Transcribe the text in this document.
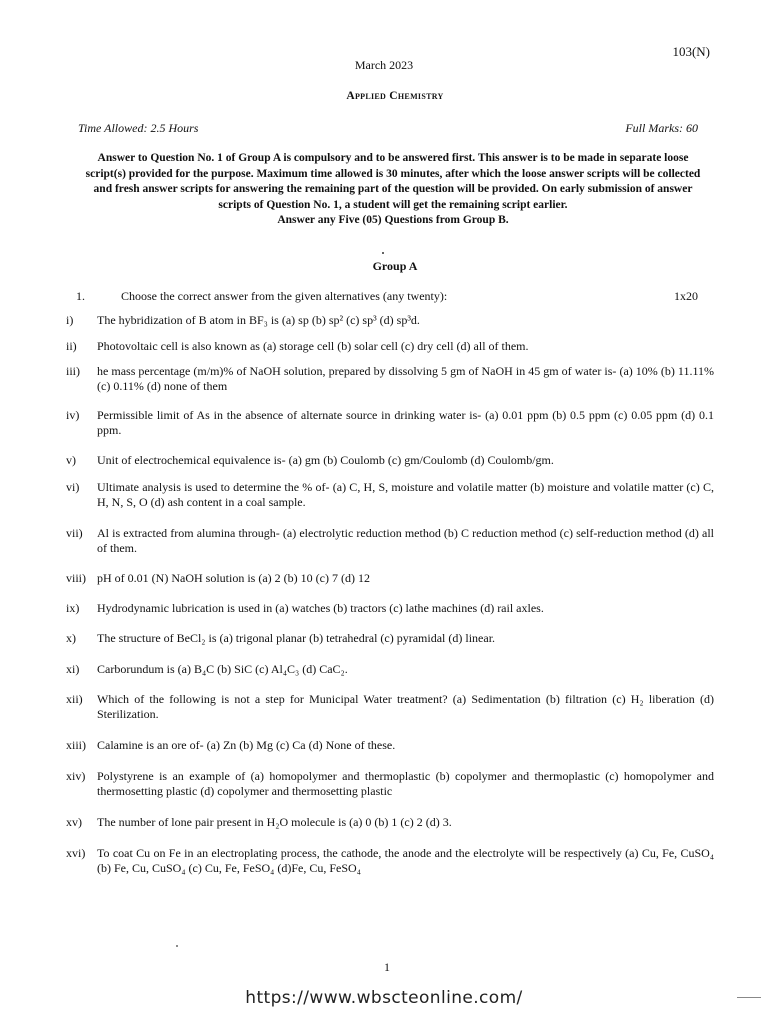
103(N)
March 2023
Applied Chemistry
Time Allowed: 2.5 Hours	Full Marks: 60

Answer to Question No. 1 of Group A is compulsory and to be answered first. This answer is to be made in separate loose script(s) provided for the purpose. Maximum time allowed is 30 minutes, after which the loose answer scripts will be collected and fresh answer scripts for answering the remaining part of the question will be provided. On early submission of answer scripts of Question No. 1, a student will get the remaining script earlier.

Answer any Five (05) Questions from Group B.

Group A
1.	Choose the correct answer from the given alternatives (any twenty):	1x20
i)	The hybridization of B atom in BF₃ is (a) sp (b) sp² (c) sp³ (d) sp³d.
ii)	Photovoltaic cell is also known as (a) storage cell (b) solar cell (c) dry cell (d) all of them.
iii)	he mass percentage (m/m)% of NaOH solution, prepared by dissolving 5 gm of NaOH in 45 gm of water is- (a) 10% (b) 11.11% (c) 0.11% (d) none of them
iv)	Permissible limit of As in the absence of alternate source in drinking water is- (a) 0.01 ppm (b) 0.5 ppm (c) 0.05 ppm (d) 0.1 ppm.
v)	Unit of electrochemical equivalence is- (a) gm (b) Coulomb (c) gm/Coulomb (d) Coulomb/gm.
vi)	Ultimate analysis is used to determine the % of- (a) C, H, S, moisture and volatile matter (b) moisture and volatile matter (c) C, H, N, S, O (d) ash content in a coal sample.
vii)	Al is extracted from alumina through- (a) electrolytic reduction method (b) C reduction method (c) self-reduction method (d) all of them.
viii) pH of 0.01 (N) NaOH solution is (a) 2 (b) 10 (c) 7 (d) 12
ix)	Hydrodynamic lubrication is used in (a) watches (b) tractors (c) lathe machines (d) rail axles.
x)	The structure of BeCl₂ is (a) trigonal planar (b) tetrahedral (c) pyramidal (d) linear.
xi)	Carborundum is (a) B₄C (b) SiC (c) Al₄C₃ (d) CaC₂.
xii)	Which of the following is not a step for Municipal Water treatment? (a) Sedimentation (b) filtration (c) H₂ liberation (d) Sterilization.
xiii) Calamine is an ore of- (a) Zn (b) Mg (c) Ca (d) None of these.
xiv) Polystyrene is an example of (a) homopolymer and thermoplastic (b) copolymer and thermoplastic (c) homopolymer and thermosetting plastic (d) copolymer and thermosetting plastic
xv)	The number of lone pair present in H₂O molecule is (a) 0 (b) 1 (c) 2 (d) 3.
xvi) To coat Cu on Fe in an electroplating process, the cathode, the anode and the electrolyte will be respectively (a) Cu, Fe, CuSO₄ (b) Fe, Cu, CuSO₄ (c) Cu, Fe, FeSO₄ (d)Fe, Cu, FeSO₄
1
https://www.wbscteonline.com/
